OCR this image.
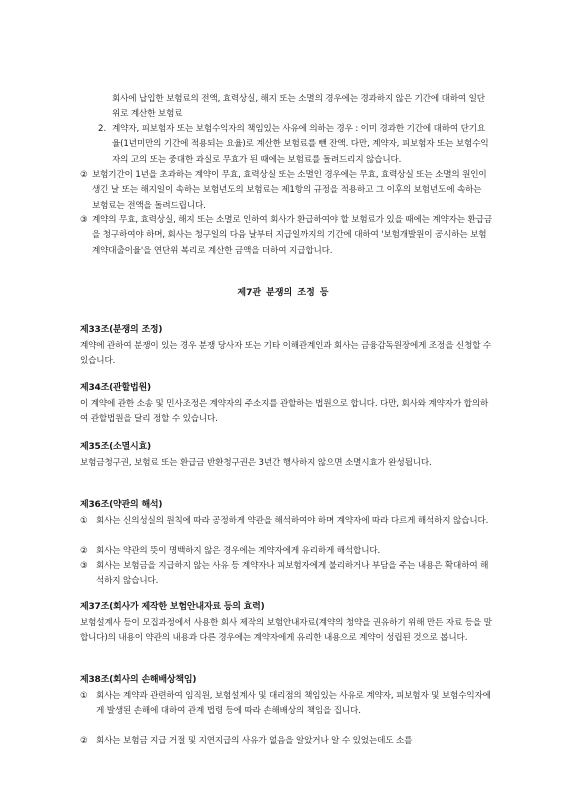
회사에 납입한 보험료의 전액, 효력상실, 해지 또는 소멸의 경우에는 경과하지 않은 기간에 대하여 일단위로 계산한 보험료
2. 계약자, 피보험자 또는 보험수익자의 책임있는 사유에 의하는 경우 : 이미 경과한 기간에 대하여 단기요율(1년미만의 기간에 적용되는 요율)로 계산한 보험료를 뺀 잔액. 다만, 계약자, 피보험자 또는 보험수익자의 고의 또는 중대한 과실로 무효가 된 때에는 보험료를 돌려드리지 않습니다.
② 보험기간이 1년을 초과하는 계약이 무효, 효력상실 또는 소멸인 경우에는 무효, 효력상실 또는 소멸의 원인이 생긴 날 또는 해지일이 속하는 보험년도의 보험료는 제1항의 규정을 적용하고 그 이후의 보험년도에 속하는 보험료는 전액을 돌려드립니다.
③ 계약의 무효, 효력상실, 해지 또는 소멸로 인하여 회사가 환급하여야 할 보험료가 있을 때에는 계약자는 환급금을 청구하여야 하며, 회사는 청구일의 다음 날부터 지급일까지의 기간에 대하여 '보험개발원이 공시하는 보험계약대출이율'을 연단위 복리로 계산한 금액을 더하여 지급합니다.
제7관 분쟁의 조정 등
제33조(분쟁의 조정)
계약에 관하여 분쟁이 있는 경우 분쟁 당사자 또는 기타 이해관계인과 회사는 금융감독원장에게 조정을 신청할 수 있습니다.
제34조(관할법원)
이 계약에 관한 소송 및 민사조정은 계약자의 주소지를 관할하는 법원으로 합니다. 다만, 회사와 계약자가 합의하여 관할법원을 달리 정할 수 있습니다.
제35조(소멸시효)
보험금청구권, 보험료 또는 환급금 반환청구권은 3년간 행사하지 않으면 소멸시효가 완성됩니다.
제36조(약관의 해석)
① 회사는 신의성실의 원칙에 따라 공정하게 약관을 해석하여야 하며 계약자에 따라 다르게 해석하지 않습니다.
② 회사는 약관의 뜻이 명백하지 않은 경우에는 계약자에게 유리하게 해석합니다.
③ 회사는 보험금을 지급하지 않는 사유 등 계약자나 피보험자에게 불리하거나 부담을 주는 내용은 확대하여 해석하지 않습니다.
제37조(회사가 제작한 보험안내자료 등의 효력)
보험설계사 등이 모집과정에서 사용한 회사 제작의 보험안내자료(계약의 청약을 권유하기 위해 만든 자료 등을 말합니다)의 내용이 약관의 내용과 다른 경우에는 계약자에게 유리한 내용으로 계약이 성립된 것으로 봅니다.
제38조(회사의 손해배상책임)
① 회사는 계약과 관련하여 임직원, 보험설계사 및 대리점의 책임있는 사유로 계약자, 피보험자 및 보험수익자에게 발생된 손해에 대하여 관계 법령 등에 따라 손해배상의 책임을 집니다.
② 회사는 보험금 지급 거절 및 지연지급의 사유가 없음을 알았거나 알 수 있었는데도 소를
